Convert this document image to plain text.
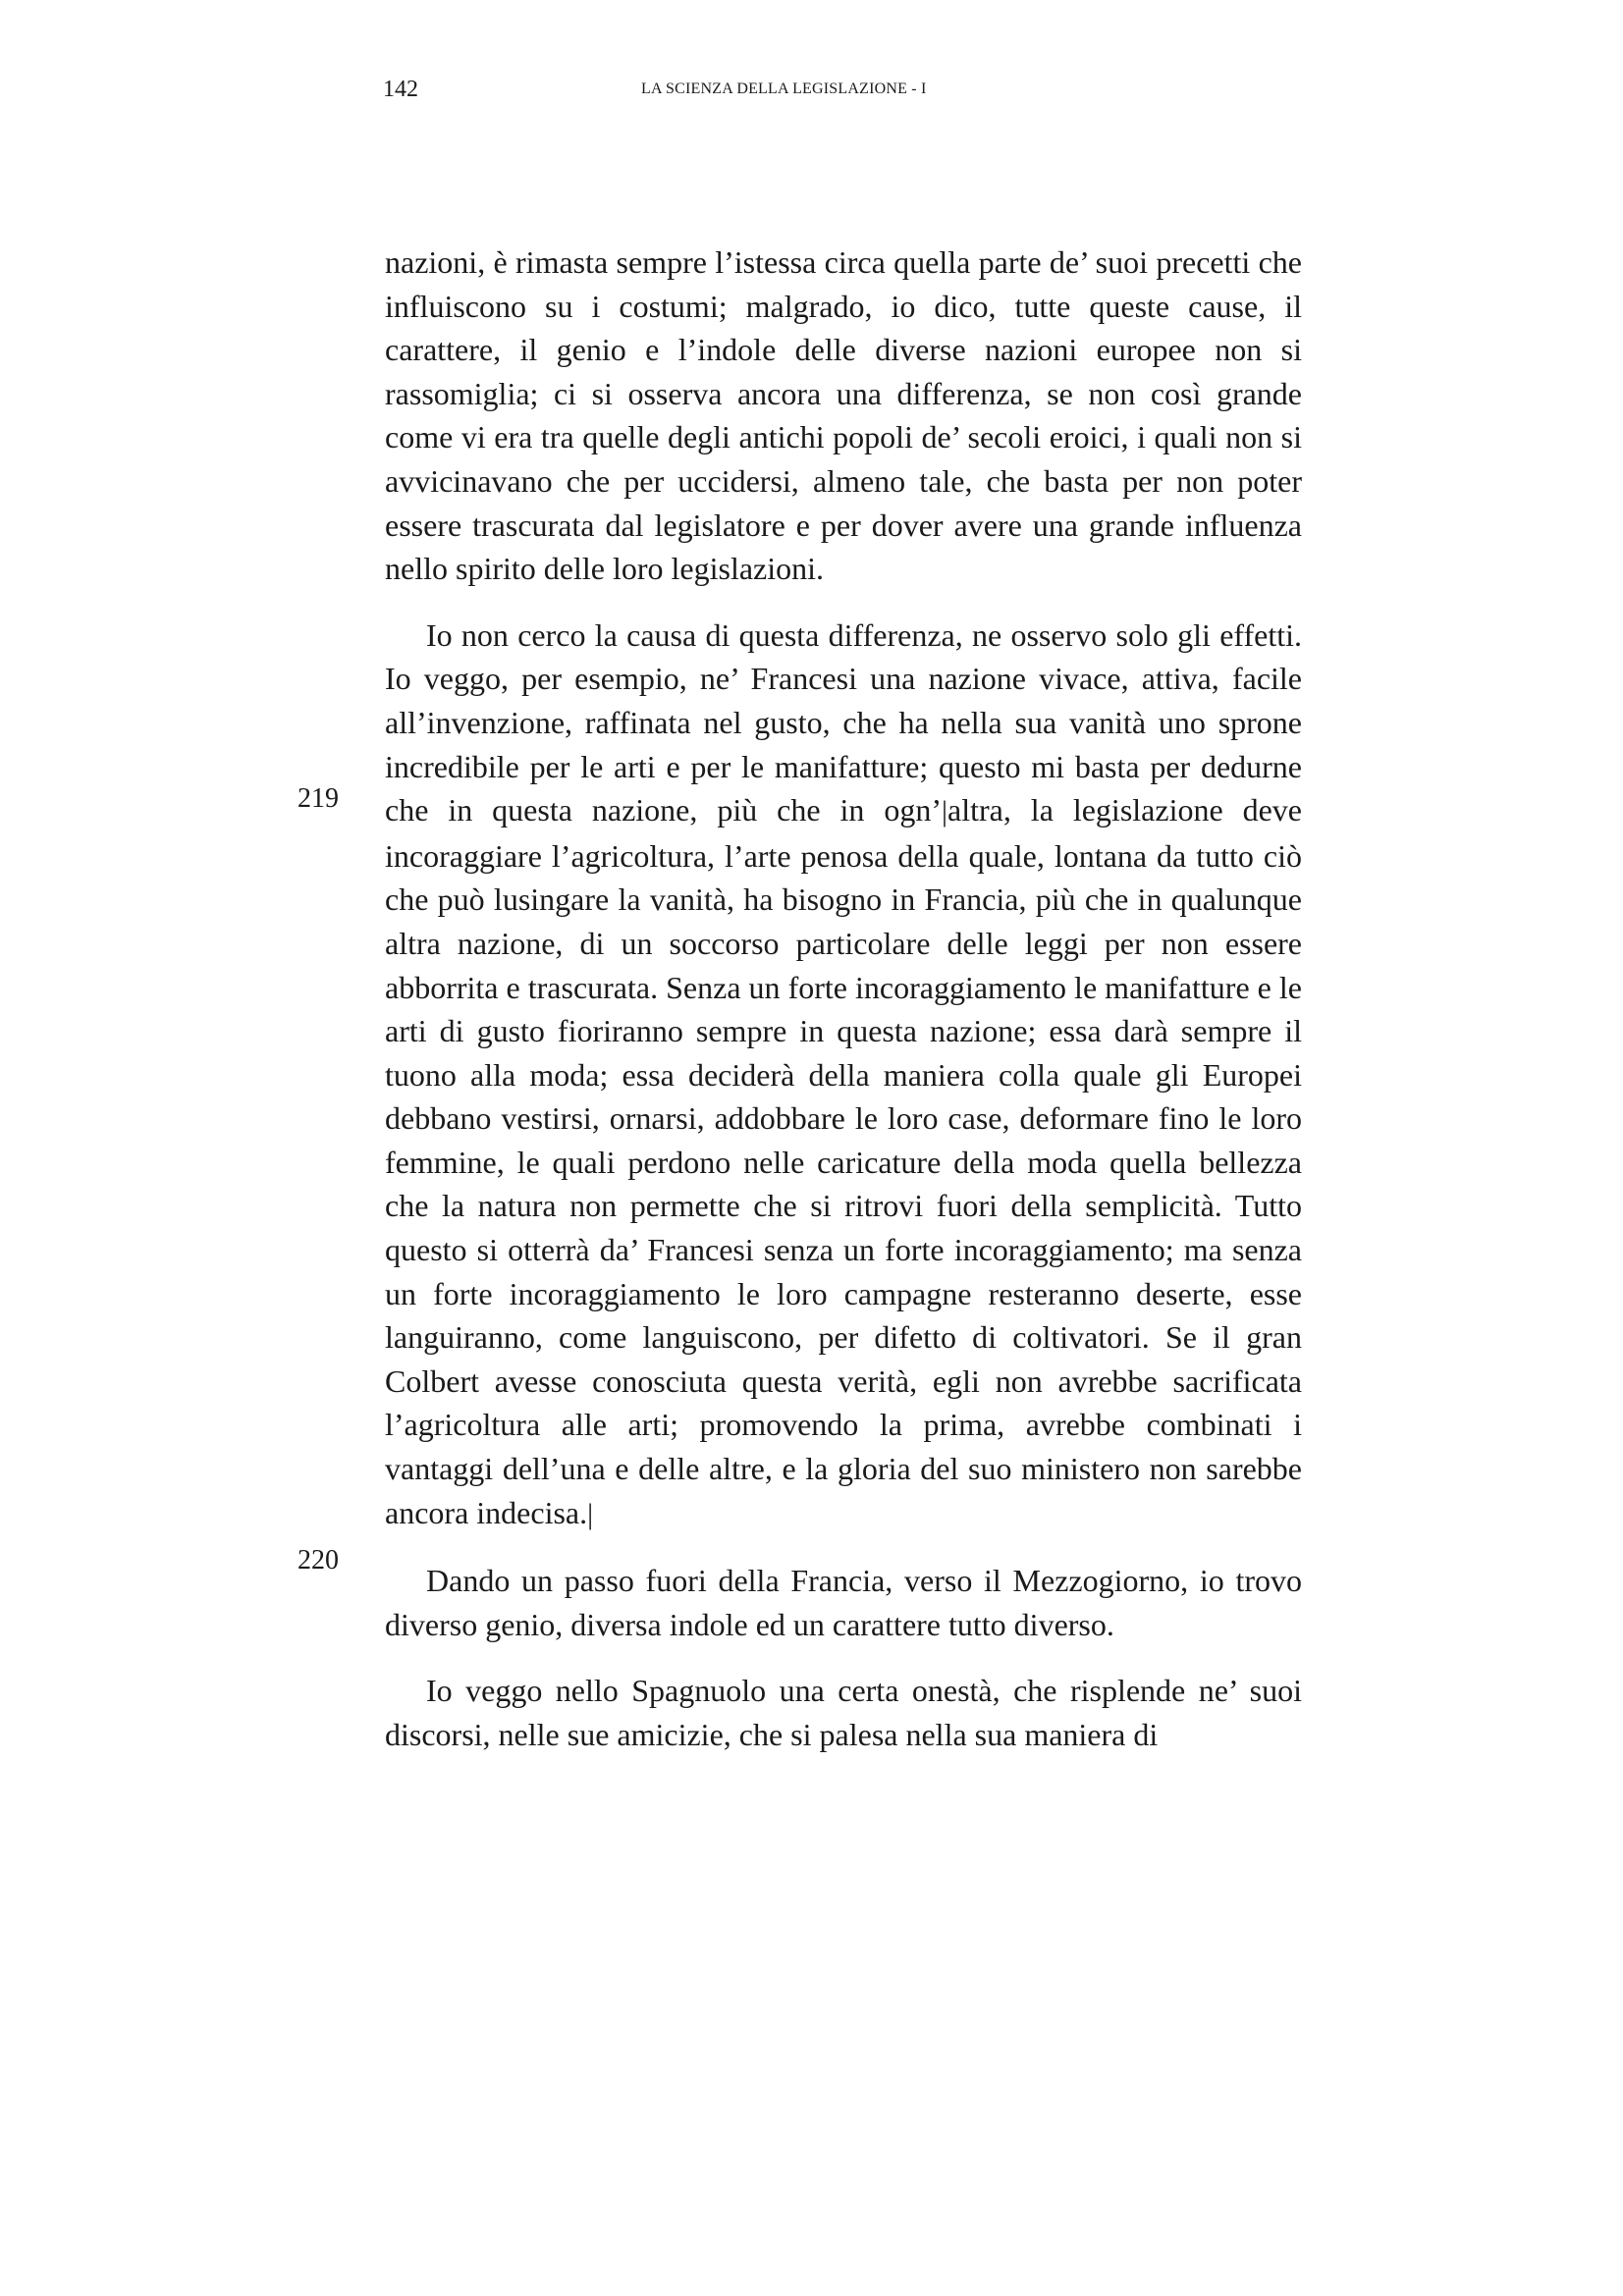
142	LA SCIENZA DELLA LEGISLAZIONE - I
219
220

nazioni, è rimasta sempre l’istessa circa quella parte de’ suoi precetti che influiscono su i costumi; malgrado, io dico, tutte queste cause, il carattere, il genio e l’indole delle diverse nazioni europee non si rassomiglia; ci si osserva ancora una differenza, se non così grande come vi era tra quelle degli antichi popoli de’ secoli eroici, i quali non si avvicinavano che per uccidersi, almeno tale, che basta per non poter essere trascurata dal legislatore e per dover avere una grande influenza nello spirito delle loro legislazioni.

Io non cerco la causa di questa differenza, ne osservo solo gli effetti. Io veggo, per esempio, ne’ Francesi una nazione vivace, attiva, facile all’invenzione, raffinata nel gusto, che ha nella sua vanità uno sprone incredibile per le arti e per le manifatture; questo mi basta per dedurne che in questa nazione, più che in ogn’|altra, la legislazione deve incoraggiare l’agricoltura, l’arte penosa della quale, lontana da tutto ciò che può lusingare la vanità, ha bisogno in Francia, più che in qualunque altra nazione, di un soccorso particolare delle leggi per non essere abborrita e trascurata. Senza un forte incoraggiamento le manifatture e le arti di gusto fioriranno sempre in questa nazione; essa darà sempre il tuono alla moda; essa deciderà della maniera colla quale gli Europei debbano vestirsi, ornarsi, addobbare le loro case, deformare fino le loro femmine, le quali perdono nelle caricature della moda quella bellezza che la natura non permette che si ritrovi fuori della semplicità. Tutto questo si otterrà da’ Francesi senza un forte incoraggiamento; ma senza un forte incoraggiamento le loro campagne resteranno deserte, esse languiranno, come languiscono, per difetto di coltivatori. Se il gran Colbert avesse conosciuta questa verità, egli non avrebbe sacrificata l’agricoltura alle arti; promovendo la prima, avrebbe combinati i vantaggi dell’una e delle altre, e la gloria del suo ministero non sarebbe ancora indecisa.|

Dando un passo fuori della Francia, verso il Mezzogiorno, io trovo diverso genio, diversa indole ed un carattere tutto diverso.

Io veggo nello Spagnuolo una certa onestà, che risplende ne’ suoi discorsi, nelle sue amicizie, che si palesa nella sua maniera di
